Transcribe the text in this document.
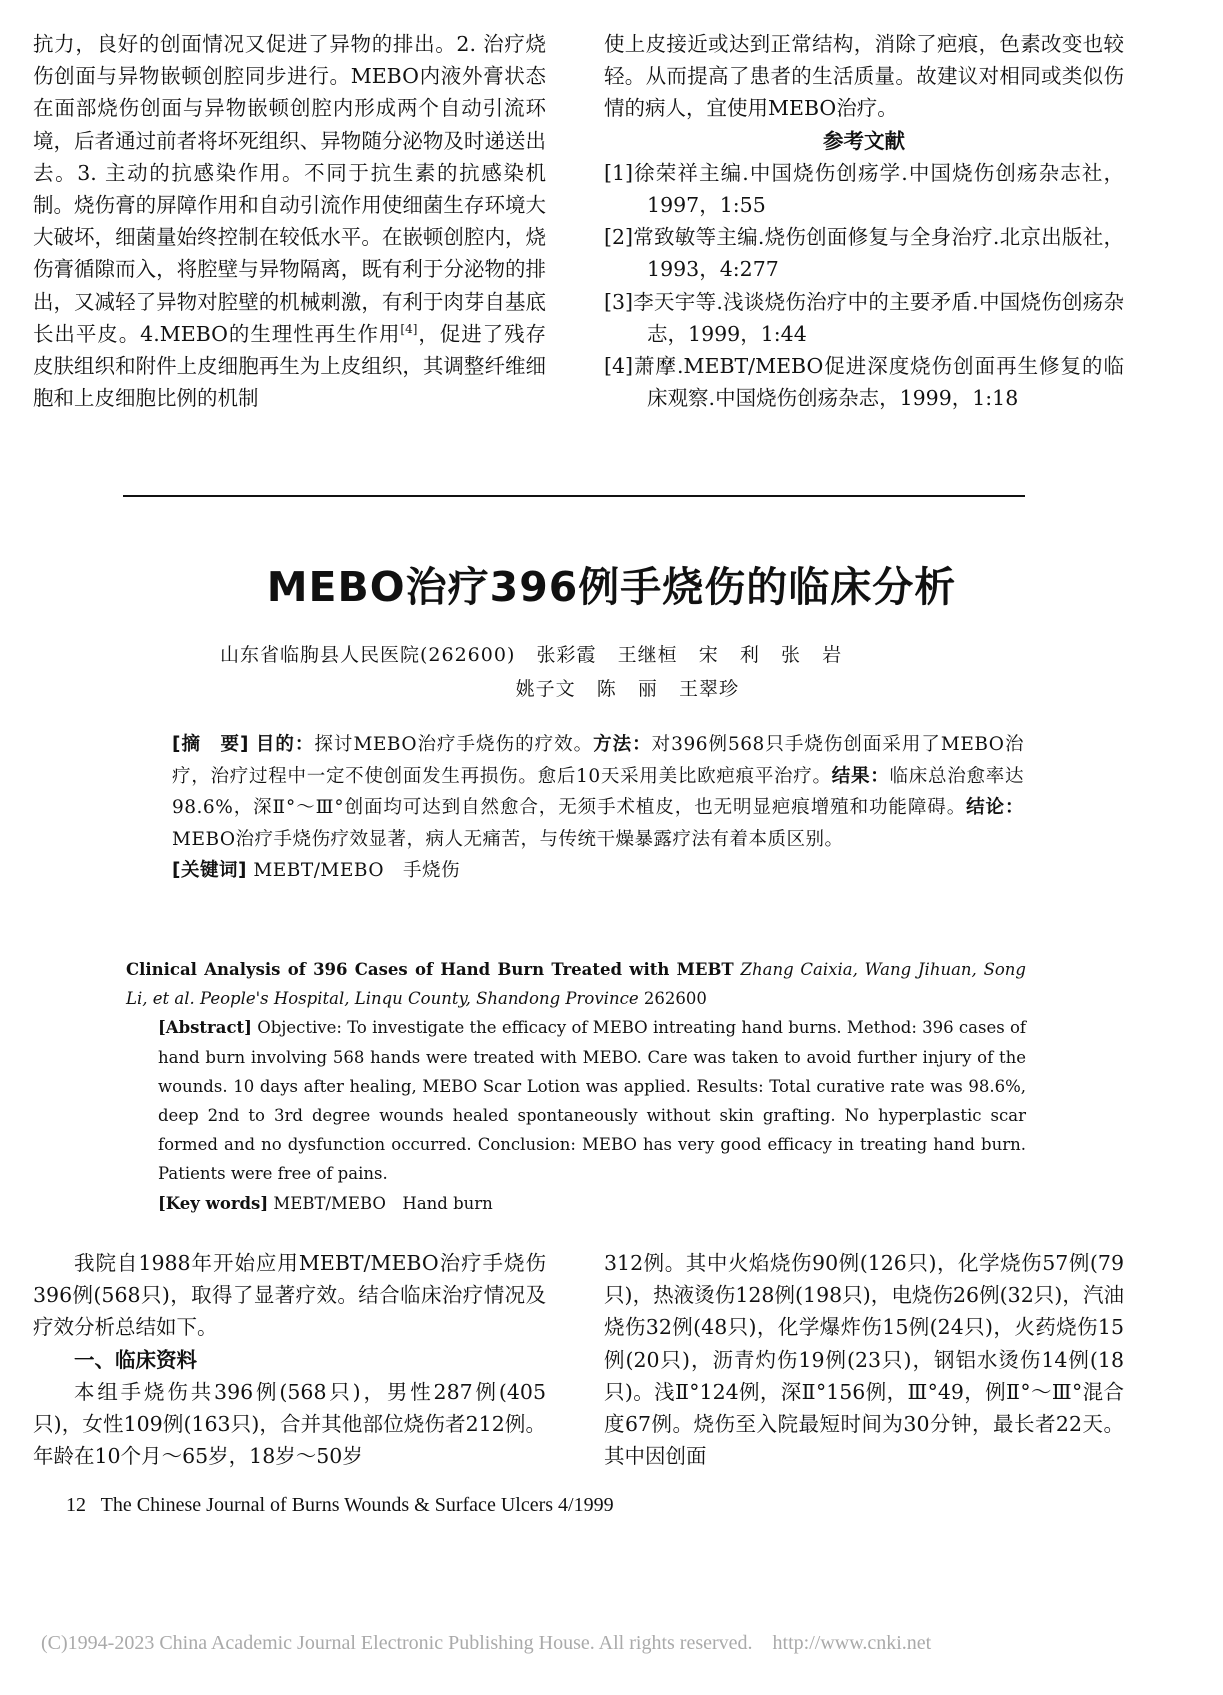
抗力，良好的创面情况又促进了异物的排出。2. 治疗烧伤创面与异物嵌顿创腔同步进行。MEBO内液外膏状态在面部烧伤创面与异物嵌顿创腔内形成两个自动引流环境，后者通过前者将坏死组织、异物随分泌物及时递送出去。3. 主动的抗感染作用。不同于抗生素的抗感染机制。烧伤膏的屏障作用和自动引流作用使细菌生存环境大大破坏，细菌量始终控制在较低水平。在嵌顿创腔内，烧伤膏循隙而入，将腔壁与异物隔离，既有利于分泌物的排出，又减轻了异物对腔壁的机械刺激，有利于肉芽自基底长出平皮。4.MEBO的生理性再生作用[4]，促进了残存皮肤组织和附件上皮细胞再生为上皮组织，其调整纤维细胞和上皮细胞比例的机制

使上皮接近或达到正常结构，消除了疤痕，色素改变也较轻。从而提高了患者的生活质量。故建议对相同或类似伤情的病人，宜使用MEBO治疗。

参考文献

[1]徐荣祥主编.中国烧伤创疡学.中国烧伤创疡杂志社，1997，1:55
[2]常致敏等主编.烧伤创面修复与全身治疗.北京出版社，1993，4:277
[3]李天宇等.浅谈烧伤治疗中的主要矛盾.中国烧伤创疡杂志，1999，1:44
[4]萧摩.MEBT/MEBO促进深度烧伤创面再生修复的临床观察.中国烧伤创疡杂志，1999，1:18
MEBO治疗396例手烧伤的临床分析
山东省临朐县人民医院(262600)   张彩霞   王继桓   宋   利   张   岩
姚子文   陈   丽   王翠珍

[摘　要] 目的：探讨MEBO治疗手烧伤的疗效。方法：对396例568只手烧伤创面采用了MEBO治疗，治疗过程中一定不使创面发生再损伤。愈后10天采用美比欧疤痕平治疗。结果：临床总治愈率达98.6%，深Ⅱ°～Ⅲ°创面均可达到自然愈合，无须手术植皮，也无明显疤痕增殖和功能障碍。结论：MEBO治疗手烧伤疗效显著，病人无痛苦，与传统干燥暴露疗法有着本质区别。

[关键词] MEBT/MEBO　手烧伤

Clinical Analysis of 396 Cases of Hand Burn Treated with MEBT Zhang Caixia, Wang Jihuan, Song Li, et al. People's Hospital, Linqu County, Shandong Province 262600

[Abstract] Objective: To investigate the efficacy of MEBO intreating hand burns. Method: 396 cases of hand burn involving 568 hands were treated with MEBO. Care was taken to avoid further injury of the wounds. 10 days after healing, MEBO Scar Lotion was applied. Results: Total curative rate was 98.6%, deep 2nd to 3rd degree wounds healed spontaneously without skin grafting. No hyperplastic scar formed and no dysfunction occurred. Conclusion: MEBO has very good efficacy in treating hand burn. Patients were free of pains.

[Key words] MEBT/MEBO　Hand burn

我院自1988年开始应用MEBT/MEBO治疗手烧伤396例(568只)，取得了显著疗效。结合临床治疗情况及疗效分析总结如下。

一、临床资料

本组手烧伤共396例(568只)，男性287例(405只)，女性109例(163只)，合并其他部位烧伤者212例。年龄在10个月～65岁，18岁～50岁

312例。其中火焰烧伤90例(126只)，化学烧伤57例(79只)，热液烫伤128例(198只)，电烧伤26例(32只)，汽油烧伤32例(48只)，化学爆炸伤15例(24只)，火药烧伤15例(20只)，沥青灼伤19例(23只)，钢铝水烫伤14例(18只)。浅Ⅱ°124例，深Ⅱ°156例，Ⅲ°49，例Ⅱ°～Ⅲ°混合度67例。烧伤至入院最短时间为30分钟，最长者22天。其中因创面

12   The Chinese Journal of Burns Wounds & Surface Ulcers 4/1999
(C)1994-2023 China Academic Journal Electronic Publishing House. All rights reserved.    http://www.cnki.net
